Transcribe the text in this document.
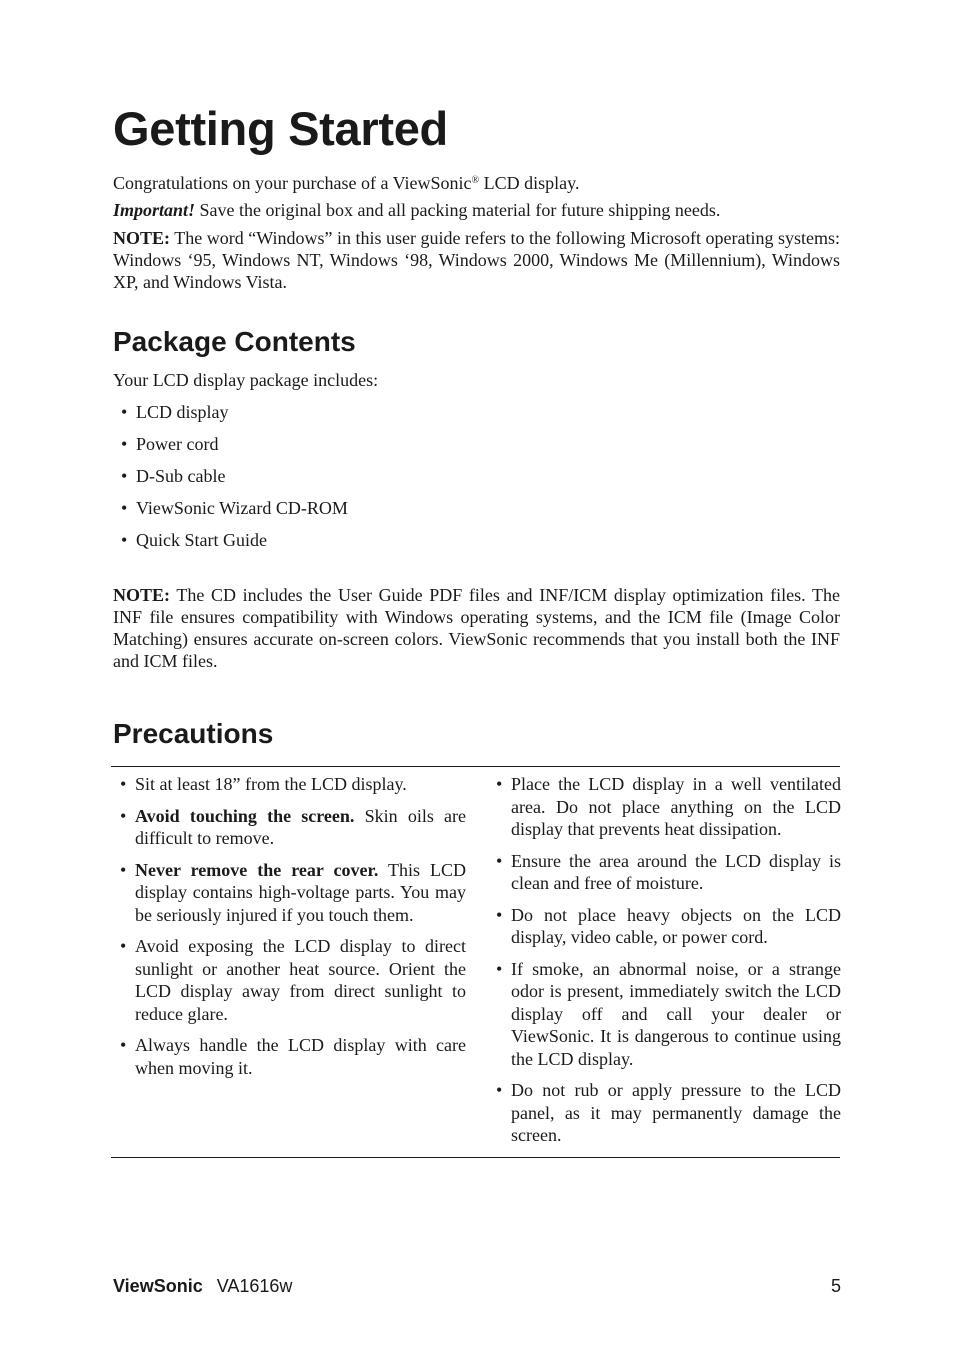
Getting Started

Congratulations on your purchase of a ViewSonic® LCD display.

Important! Save the original box and all packing material for future shipping needs.

NOTE: The word “Windows” in this user guide refers to the following Microsoft operating systems: Windows ‘95, Windows NT, Windows ‘98, Windows 2000, Windows Me (Millennium), Windows XP, and Windows Vista.

Package Contents

Your LCD display package includes:

• LCD display
• Power cord
• D-Sub cable
• ViewSonic Wizard CD-ROM
• Quick Start Guide

NOTE: The CD includes the User Guide PDF files and INF/ICM display optimization files. The INF file ensures compatibility with Windows operating systems, and the ICM file (Image Color Matching) ensures accurate on-screen colors. ViewSonic recommends that you install both the INF and ICM files.

Precautions
• Sit at least 18” from the LCD display.
• Avoid touching the screen. Skin oils are difficult to remove.
• Never remove the rear cover. This LCD display contains high-voltage parts. You may be seriously injured if you touch them.
• Avoid exposing the LCD display to direct sunlight or another heat source. Orient the LCD display away from direct sunlight to reduce glare.
• Always handle the LCD display with care when moving it.
• Place the LCD display in a well ventilated area. Do not place anything on the LCD display that prevents heat dissipation.
• Ensure the area around the LCD display is clean and free of moisture.
• Do not place heavy objects on the LCD display, video cable, or power cord.
• If smoke, an abnormal noise, or a strange odor is present, immediately switch the LCD display off and call your dealer or ViewSonic. It is dangerous to continue using the LCD display.
• Do not rub or apply pressure to the LCD panel, as it may permanently damage the screen.
ViewSonic VA1616w	5
